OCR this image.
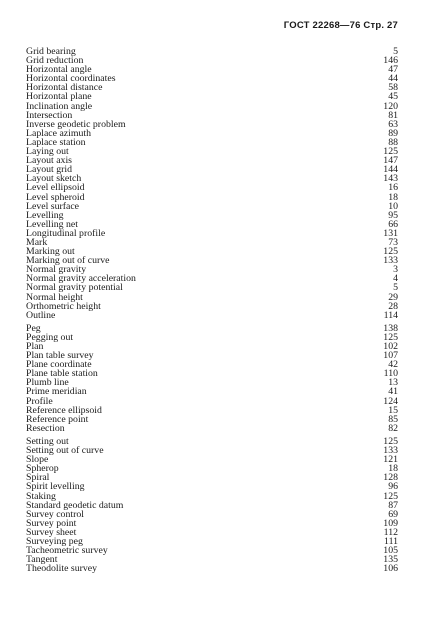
ГОСТ 22268—76 Стр. 27
Grid bearing	5
Grid reduction	146
Horizontal angle	47
Horizontal coordinates	44
Horizontal distance	58
Horizontal plane	45
Inclination angle	120
Intersection	81
Inverse geodetic problem	63
Laplace azimuth	89
Laplace station	88
Laying out	125
Layout axis	147
Layout grid	144
Layout sketch	143
Level ellipsoid	16
Level spheroid	18
Level surface	10
Levelling	95
Levelling net	66
Longitudinal profile	131
Mark	73
Marking out	125
Marking out of curve	133
Normal gravity	3
Normal gravity acceleration	4
Normal gravity potential	5
Normal height	29
Orthometric height	28
Outline	114
Peg	138
Pegging out	125
Plan	102
Plan table survey	107
Plane coordinate	42
Plane table station	110
Plumb line	13
Prime meridian	41
Profile	124
Reference ellipsoid	15
Reference point	85
Resection	82
Setting out	125
Setting out of curve	133
Slope	121
Spherop	18
Spiral	128
Spirit levelling	96
Staking	125
Standard geodetic datum	87
Survey control	69
Survey point	109
Survey sheet	112
Surveying peg	111
Tacheometric survey	105
Tangent	135
Theodolite survey	106
